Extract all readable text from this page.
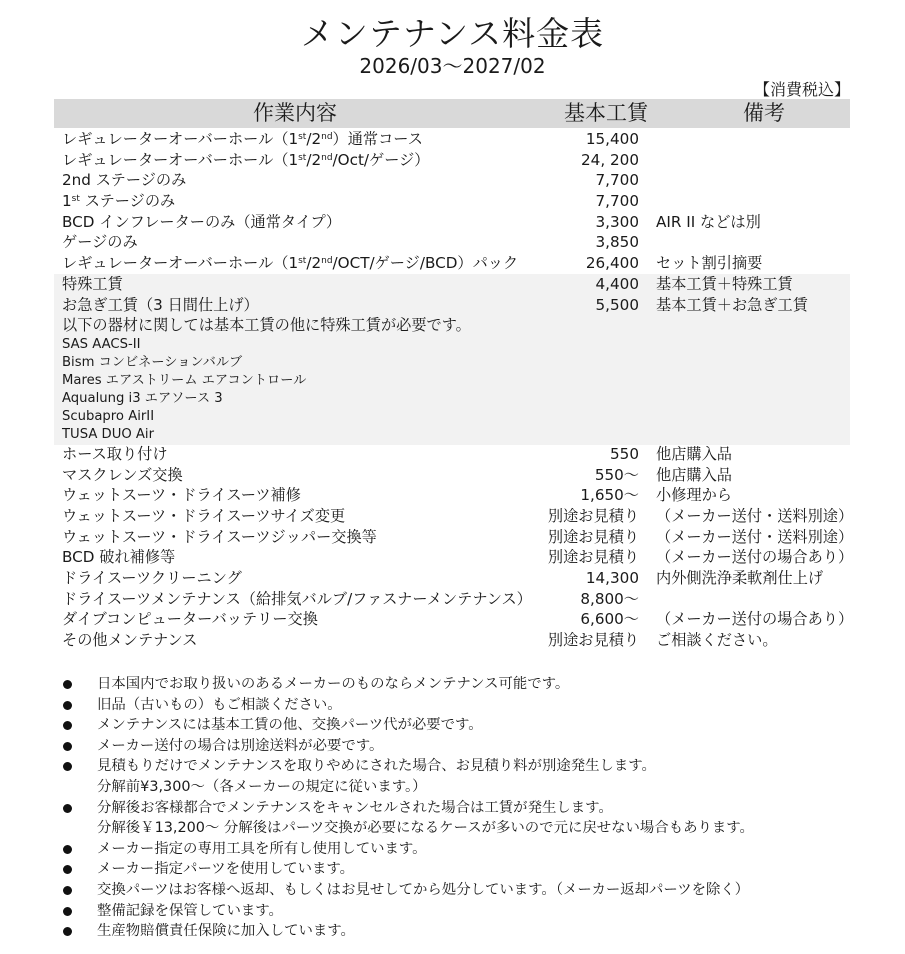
メンテナンス料金表
2026/03～2027/02
【消費税込】
作業内容	基本工賃	備考
レギュレーターオーバーホール（1st/2nd）通常コース	15,400
レギュレーターオーバーホール（1st/2nd/Oct/ゲージ）	24, 200
2nd ステージのみ	7,700
1st ステージのみ	7,700
BCD インフレーターのみ（通常タイプ）	3,300 AIR II などは別
ゲージのみ	3,850
レギュレーターオーバーホール（1st/2nd/OCT/ゲージ/BCD）パック	26,400 セット割引摘要
特殊工賃	4,400 基本工賃＋特殊工賃
お急ぎ工賃（3 日間仕上げ）	5,500 基本工賃＋お急ぎ工賃
以下の器材に関しては基本工賃の他に特殊工賃が必要です。
SAS AACS-II
Bism コンビネーションバルブ
Mares エアストリーム エアコントロール
Aqualung i3 エアソース 3
Scubapro AirII
TUSA DUO Air
ホース取り付け	550 他店購入品
マスクレンズ交換	550～ 他店購入品
ウェットスーツ・ドライスーツ補修	1,650～ 小修理から
ウェットスーツ・ドライスーツサイズ変更	別途お見積り （メーカー送付・送料別途）
ウェットスーツ・ドライスーツジッパー交換等	別途お見積り （メーカー送付・送料別途）
BCD 破れ補修等	別途お見積り （メーカー送付の場合あり）
ドライスーツクリーニング	14,300 内外側洗浄柔軟剤仕上げ
ドライスーツメンテナンス（給排気バルブ/ファスナーメンテナンス）	8,800～
ダイブコンピューターバッテリー交換	6,600～ （メーカー送付の場合あり）
その他メンテナンス	別途お見積り ご相談ください。
日本国内でお取り扱いのあるメーカーのものならメンテナンス可能です。
旧品（古いもの）もご相談ください。
メンテナンスには基本工賃の他、交換パーツ代が必要です。
メーカー送付の場合は別途送料が必要です。
見積もりだけでメンテナンスを取りやめにされた場合、お見積り料が別途発生します。
分解前¥3,300～（各メーカーの規定に従います。）
分解後お客様都合でメンテナンスをキャンセルされた場合は工賃が発生します。
分解後￥13,200～ 分解後はパーツ交換が必要になるケースが多いので元に戻せない場合もあります。
メーカー指定の専用工具を所有し使用しています。
メーカー指定パーツを使用しています。
交換パーツはお客様へ返却、もしくはお見せしてから処分しています。（メーカー返却パーツを除く）
整備記録を保管しています。
生産物賠償責任保険に加入しています。
